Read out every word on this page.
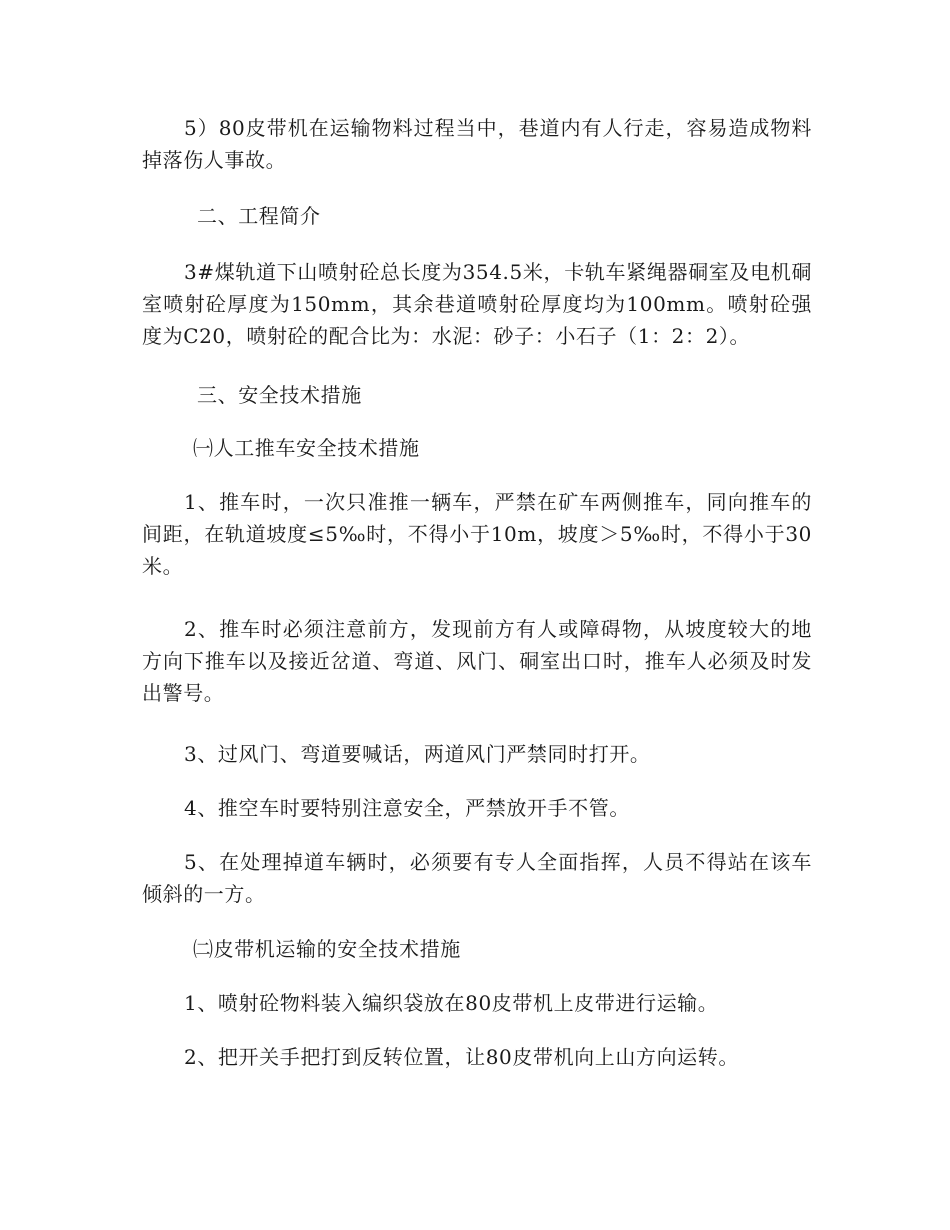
5）80皮带机在运输物料过程当中，巷道内有人行走，容易造成物料掉落伤人事故。

二、工程简介

3#煤轨道下山喷射砼总长度为354.5米，卡轨车紧绳器硐室及电机硐室喷射砼厚度为150mm，其余巷道喷射砼厚度均为100mm。喷射砼强度为C20，喷射砼的配合比为：水泥：砂子：小石子（1：2：2）。

三、安全技术措施

㈠人工推车安全技术措施

1、推车时，一次只准推一辆车，严禁在矿车两侧推车，同向推车的间距，在轨道坡度≤5‰时，不得小于10m，坡度＞5‰时，不得小于30米。

2、推车时必须注意前方，发现前方有人或障碍物，从坡度较大的地方向下推车以及接近岔道、弯道、风门、硐室出口时，推车人必须及时发出警号。

3、过风门、弯道要喊话，两道风门严禁同时打开。

4、推空车时要特别注意安全，严禁放开手不管。

5、在处理掉道车辆时，必须要有专人全面指挥，人员不得站在该车倾斜的一方。

㈡皮带机运输的安全技术措施

1、喷射砼物料装入编织袋放在80皮带机上皮带进行运输。

2、把开关手把打到反转位置，让80皮带机向上山方向运转。
